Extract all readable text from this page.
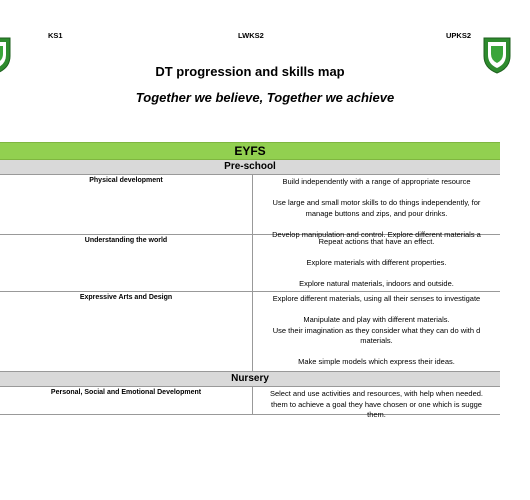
KS1	LWKS2	UPKS2
DT progression and skills map
Together we believe, Together we achieve
EYFS
Pre-school
Physical development	Build independently with a range of appropriate resource

Use large and small motor skills to do things independently, for

manage buttons and zips, and pour drinks.

Develop manipulation and control. Explore different materials a

Understanding the world	Repeat actions that have an effect.

Explore materials with different properties.

Explore natural materials, indoors and outside.

Expressive Arts and Design	Explore different materials, using all their senses to investigate

Manipulate and play with different materials.

Use their imagination as they consider what they can do with d

materials.

Make simple models which express their ideas.

Nursery
Personal, Social and Emotional Development	Select and use activities and resources, with help when needed.

them to achieve a goal they have chosen or one which is sugge

them.
